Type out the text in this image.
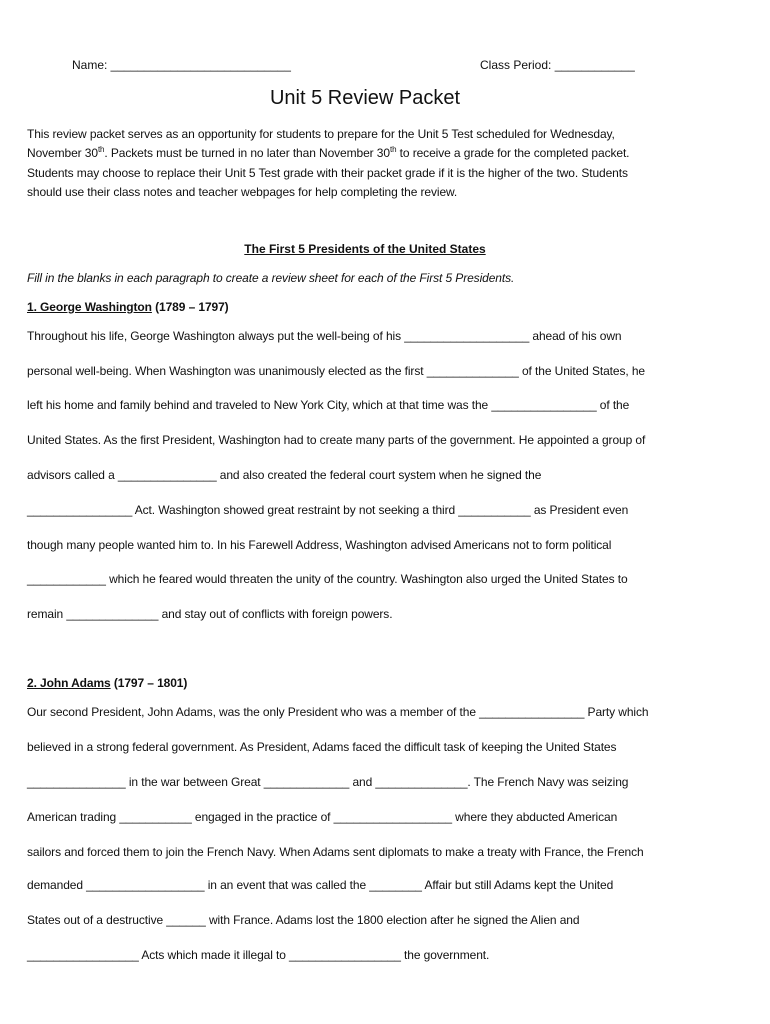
Name: ___________________________	Class Period: ____________
Unit 5 Review Packet
This review packet serves as an opportunity for students to prepare for the Unit 5 Test scheduled for Wednesday,
November 30th. Packets must be turned in no later than November 30th to receive a grade for the completed packet.
Students may choose to replace their Unit 5 Test grade with their packet grade if it is the higher of the two. Students
should use their class notes and teacher webpages for help completing the review.
The First 5 Presidents of the United States
Fill in the blanks in each paragraph to create a review sheet for each of the First 5 Presidents.
1. George Washington (1789 – 1797)
Throughout his life, George Washington always put the well-being of his ___________________ ahead of his own
personal well-being. When Washington was unanimously elected as the first ______________ of the United States, he
left his home and family behind and traveled to New York City, which at that time was the ________________ of the
United States. As the first President, Washington had to create many parts of the government. He appointed a group of
advisors called a _______________ and also created the federal court system when he signed the
________________ Act. Washington showed great restraint by not seeking a third ___________ as President even
though many people wanted him to. In his Farewell Address, Washington advised Americans not to form political
____________ which he feared would threaten the unity of the country. Washington also urged the United States to
remain ______________ and stay out of conflicts with foreign powers.
2. John Adams (1797 – 1801)
Our second President, John Adams, was the only President who was a member of the ________________ Party which
believed in a strong federal government. As President, Adams faced the difficult task of keeping the United States
_______________ in the war between Great _____________ and ______________. The French Navy was seizing
American trading ___________ engaged in the practice of __________________ where they abducted American
sailors and forced them to join the French Navy. When Adams sent diplomats to make a treaty with France, the French
demanded __________________ in an event that was called the ________ Affair but still Adams kept the United
States out of a destructive ______ with France. Adams lost the 1800 election after he signed the Alien and
_________________ Acts which made it illegal to _________________ the government.
